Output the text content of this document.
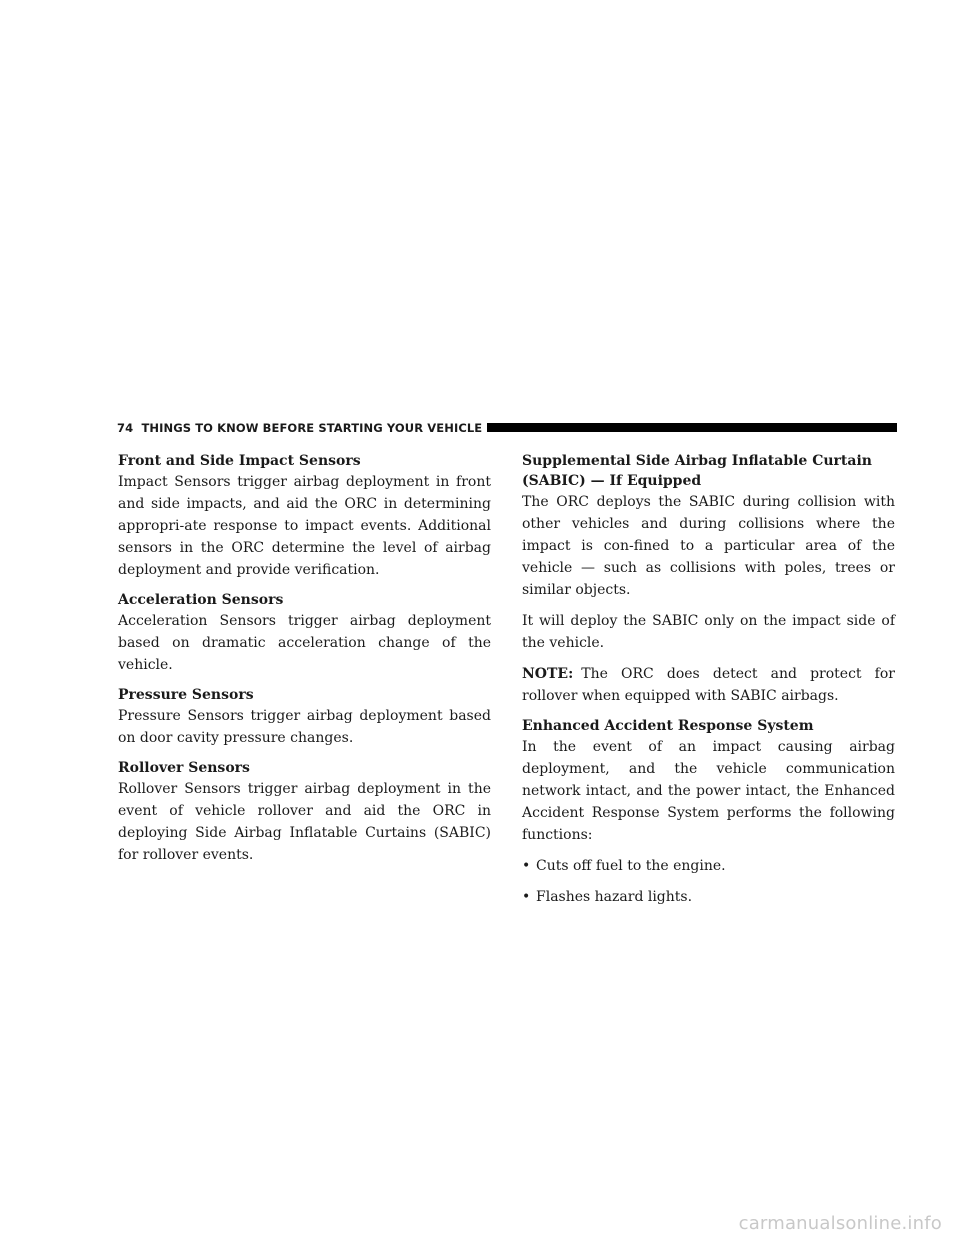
74 THINGS TO KNOW BEFORE STARTING YOUR VEHICLE

Front and Side Impact Sensors

Impact Sensors trigger airbag deployment in front and side impacts, and aid the ORC in determining appropri-ate response to impact events. Additional sensors in the ORC determine the level of airbag deployment and provide verification.

Acceleration Sensors

Acceleration Sensors trigger airbag deployment based on dramatic acceleration change of the vehicle.

Pressure Sensors

Pressure Sensors trigger airbag deployment based on door cavity pressure changes.

Rollover Sensors

Rollover Sensors trigger airbag deployment in the event of vehicle rollover and aid the ORC in deploying Side Airbag Inflatable Curtains (SABIC) for rollover events.

Supplemental Side Airbag Inflatable Curtain

(SABIC) — If Equipped

The ORC deploys the SABIC during collision with other vehicles and during collisions where the impact is con-fined to a particular area of the vehicle — such as collisions with poles, trees or similar objects.

It will deploy the SABIC only on the impact side of the vehicle.

NOTE: The ORC does detect and protect for rollover when equipped with SABIC airbags.

Enhanced Accident Response System

In the event of an impact causing airbag deployment, and the vehicle communication network intact, and the power intact, the Enhanced Accident Response System performs the following functions:

• Cuts off fuel to the engine.

• Flashes hazard lights.

carmanualsonline.info
